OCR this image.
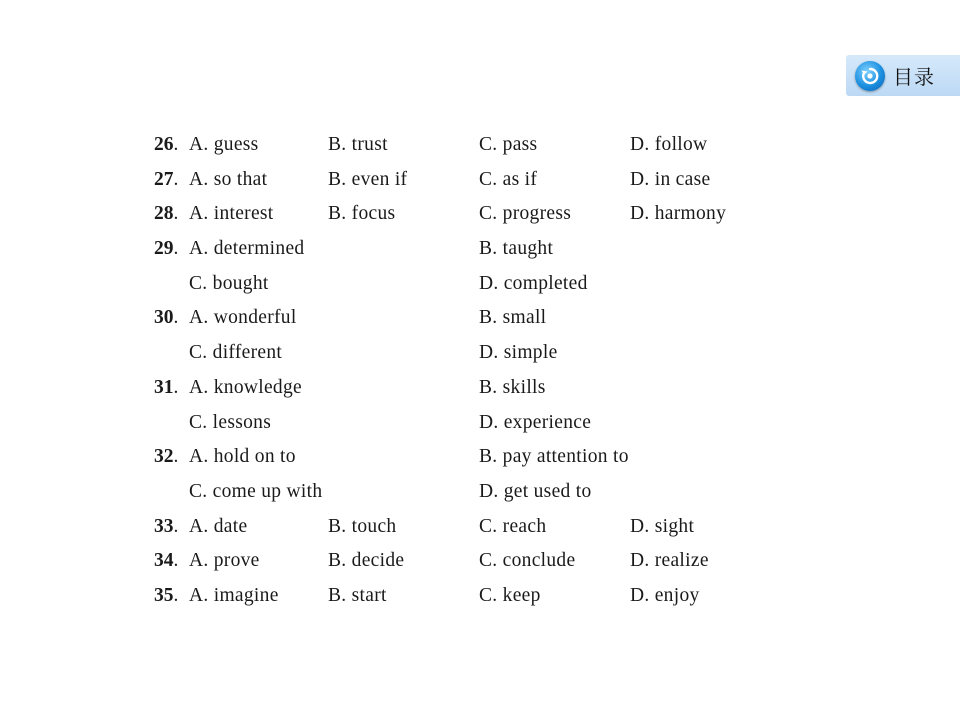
目录
26. A. guess	B. trust	C. pass	D. follow
27. A. so that	B. even if	C. as if	D. in case
28. A. interest	B. focus	C. progress	D. harmony
29. A. determined	B. taught
C. bought	D. completed
30. A. wonderful	B. small
C. different	D. simple
31. A. knowledge	B. skills
C. lessons	D. experience
32. A. hold on to	B. pay attention to
C. come up with	D. get used to
33. A. date	B. touch	C. reach	D. sight
34. A. prove	B. decide	C. conclude	D. realize
35. A. imagine	B. start	C. keep	D. enjoy
